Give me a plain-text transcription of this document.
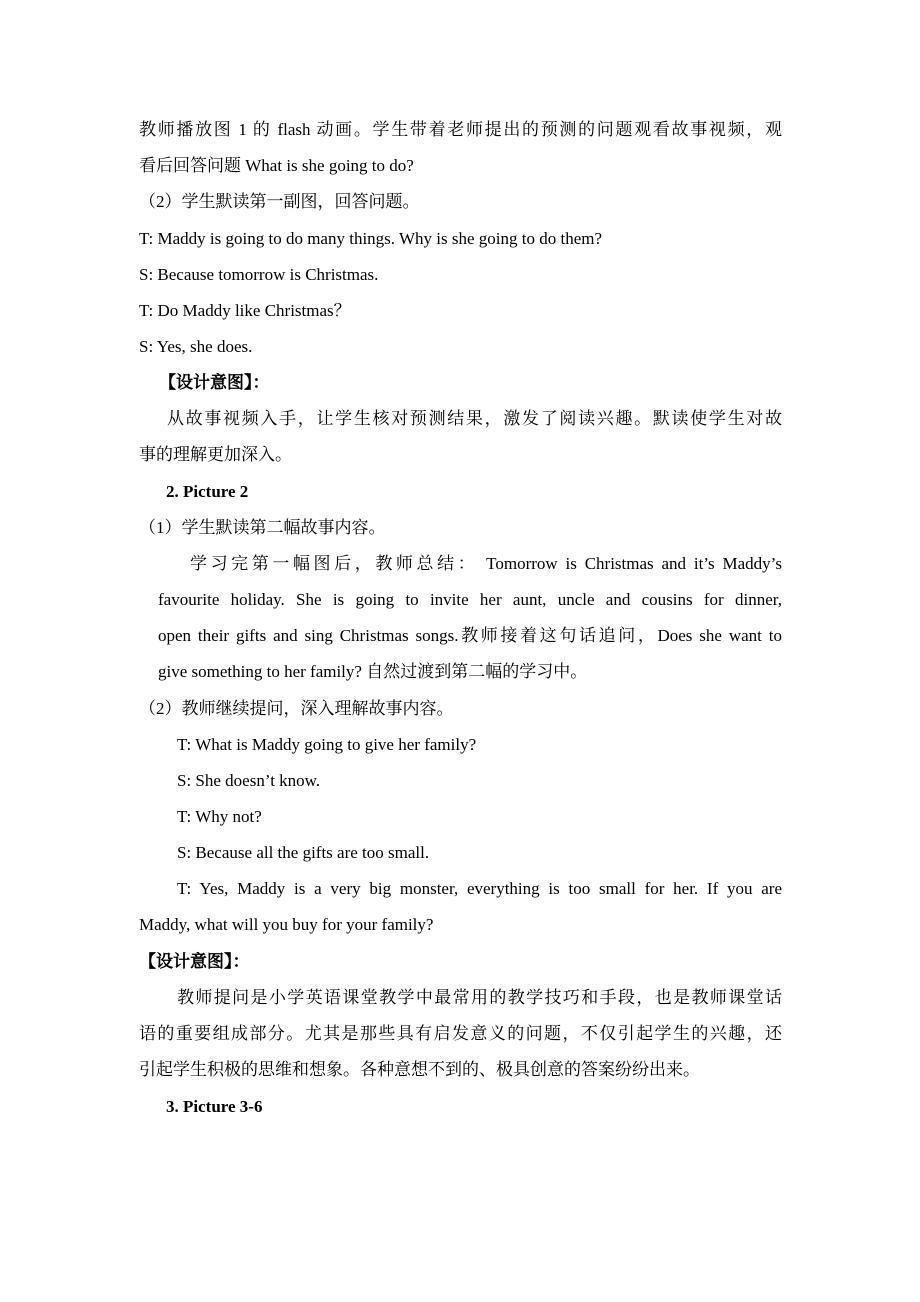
教师播放图 1 的 flash 动画。学生带着老师提出的预测的问题观看故事视频，观
看后回答问题 What is she going to do?
（2）学生默读第一副图，回答问题。
T: Maddy is going to do many things. Why is she going to do them?
S: Because tomorrow is Christmas.
T: Do Maddy like Christmas？
S: Yes, she does.
【设计意图】：
从故事视频入手，让学生核对预测结果，激发了阅读兴趣。默读使学生对故
事的理解更加深入。
2. Picture 2
（1）学生默读第二幅故事内容。
学习完第一幅图后，教师总结： Tomorrow is Christmas and it’s Maddy’s
favourite holiday. She is going to invite her aunt, uncle and cousins for dinner,
open their gifts and sing Christmas songs.教师接着这句话追问，Does she want to
give something to her family? 自然过渡到第二幅的学习中。
（2）教师继续提问，深入理解故事内容。
T: What is Maddy going to give her family?
S: She doesn’t know.
T: Why not?
S: Because all the gifts are too small.
T: Yes, Maddy is a very big monster, everything is too small for her. If you are
Maddy, what will you buy for your family?
【设计意图】：
教师提问是小学英语课堂教学中最常用的教学技巧和手段，也是教师课堂话
语的重要组成部分。尤其是那些具有启发意义的问题，不仅引起学生的兴趣，还
引起学生积极的思维和想象。各种意想不到的、极具创意的答案纷纷出来。
3. Picture 3-6
